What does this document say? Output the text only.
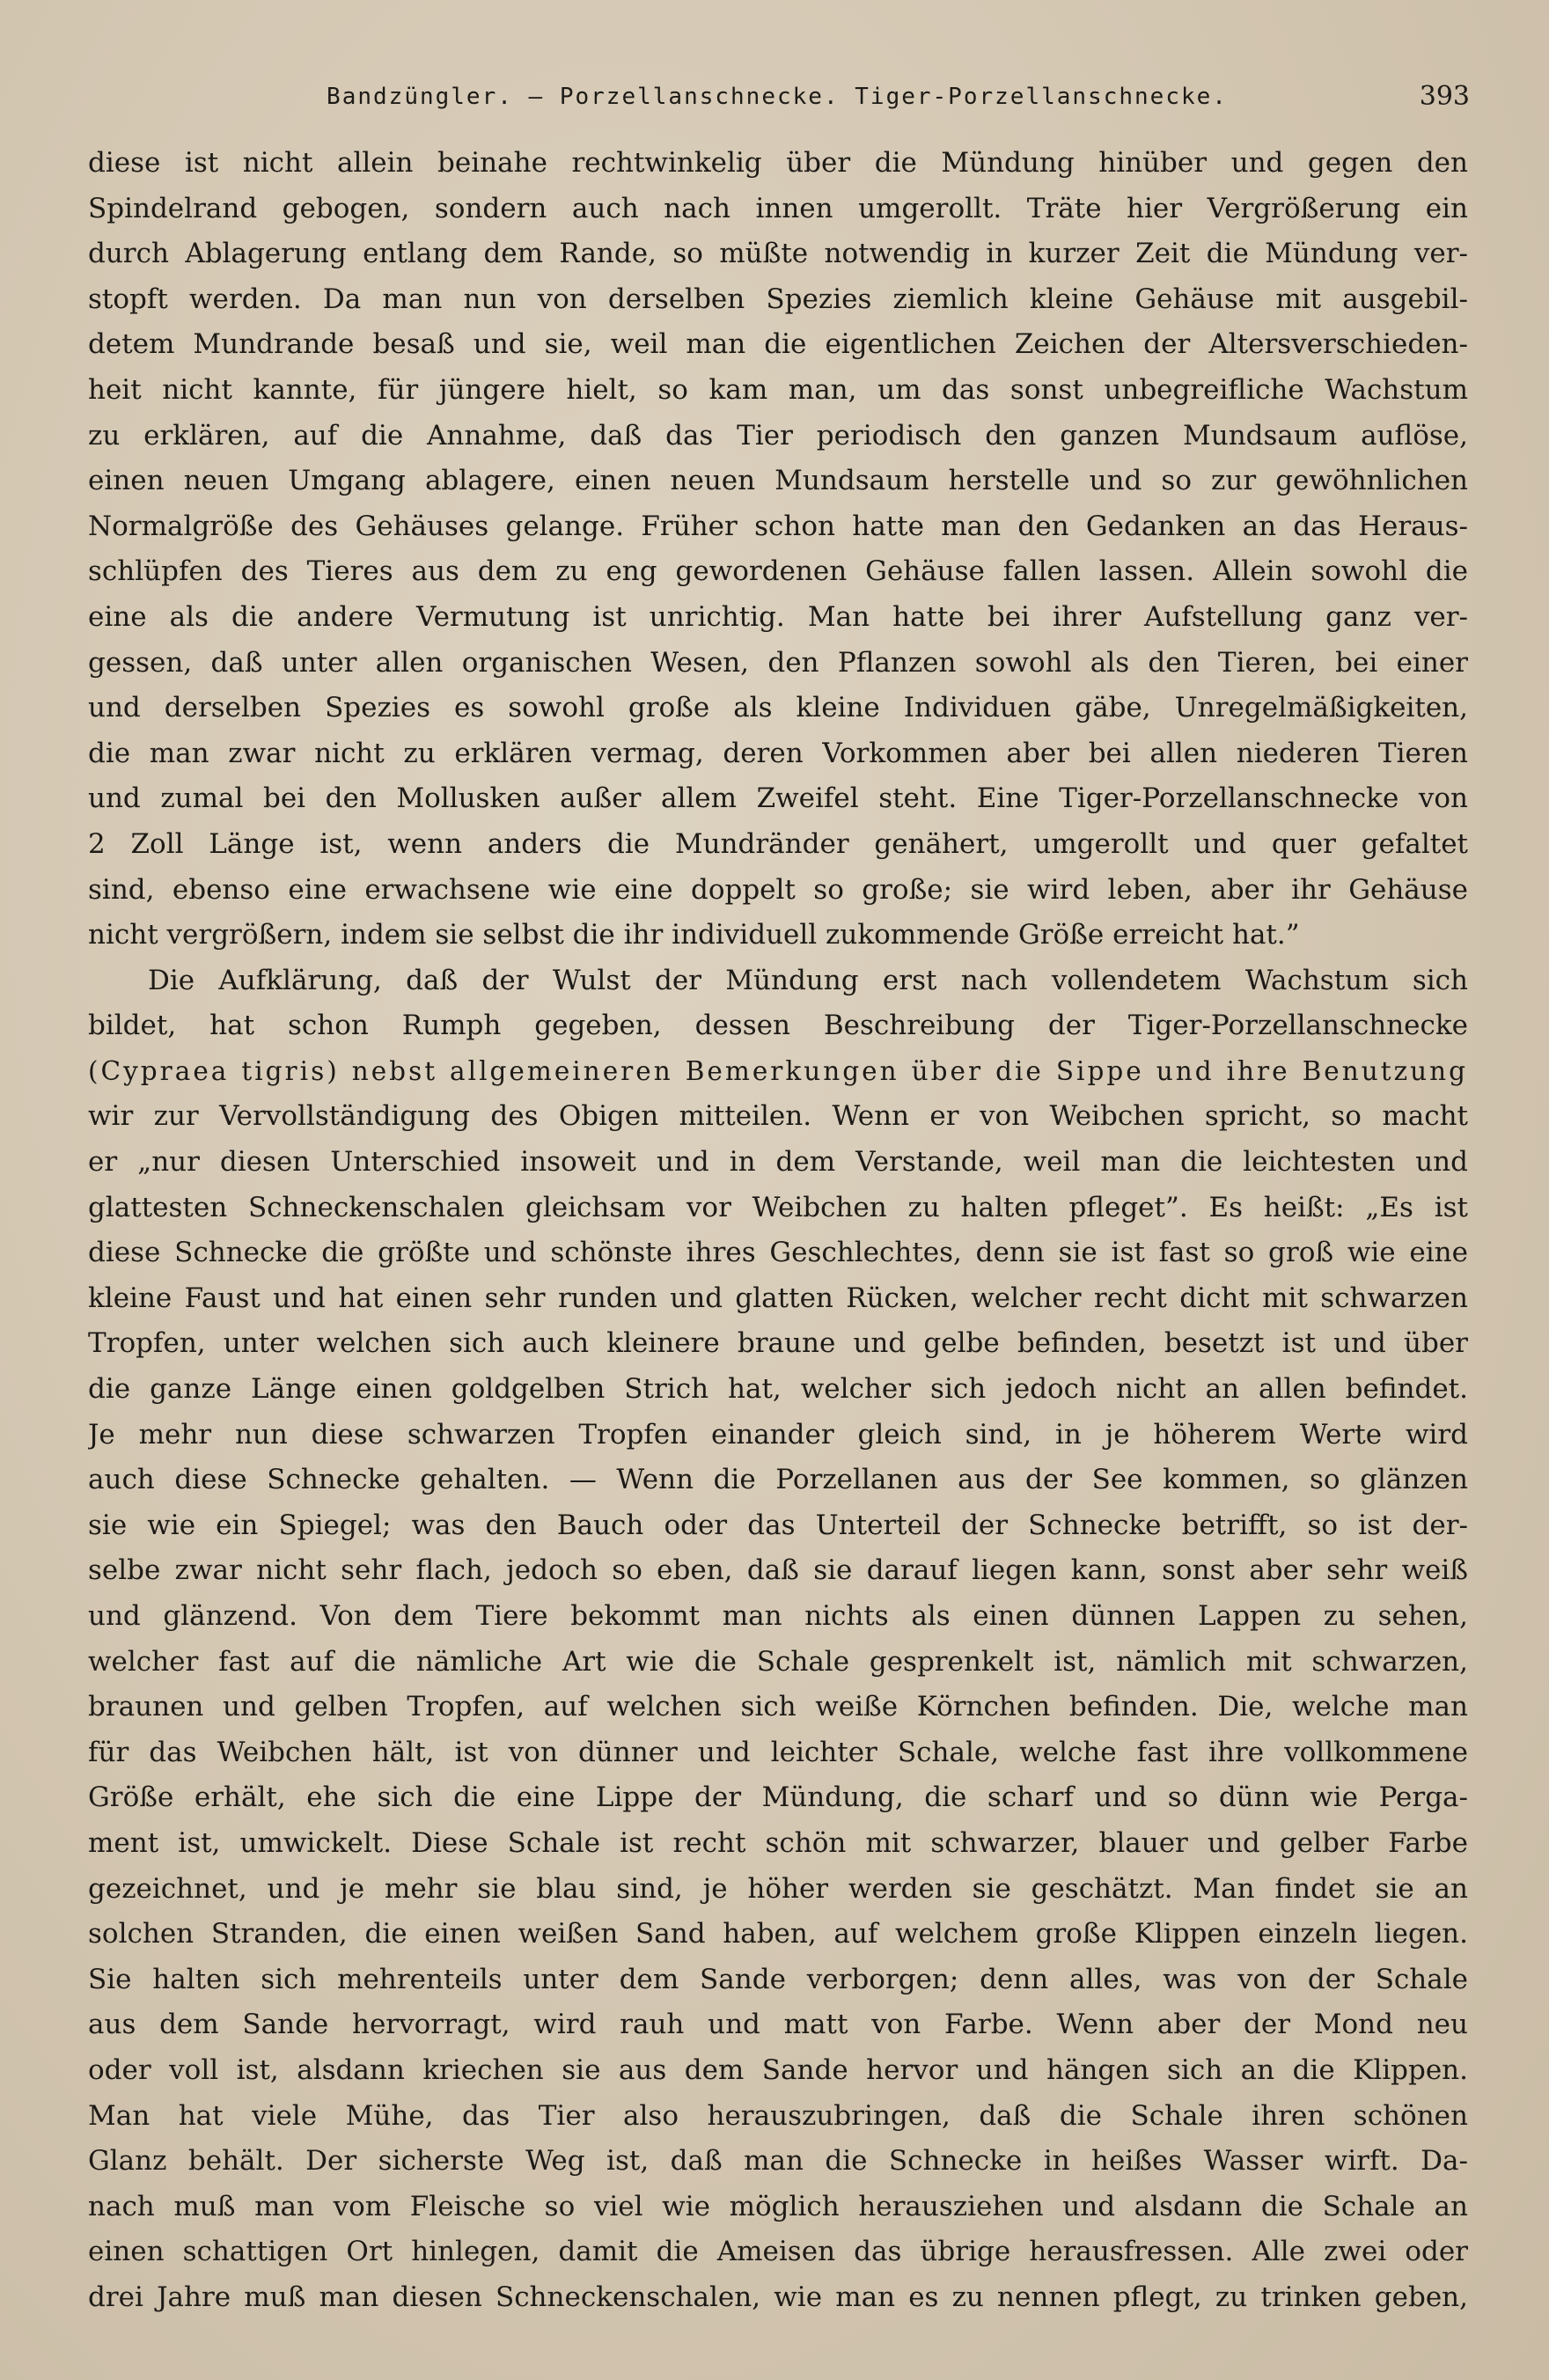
Bandzüngler. — Porzellanschnecke. Tiger-Porzellanschnecke.	393
diese ist nicht allein beinahe rechtwinkelig über die Mündung hinüber und gegen den
Spindelrand gebogen, sondern auch nach innen umgerollt. Träte hier Vergrößerung ein
durch Ablagerung entlang dem Rande, so müßte notwendig in kurzer Zeit die Mündung ver-
stopft werden. Da man nun von derselben Spezies ziemlich kleine Gehäuse mit ausgebil-
detem Mundrande besaß und sie, weil man die eigentlichen Zeichen der Altersverschieden-
heit nicht kannte, für jüngere hielt, so kam man, um das sonst unbegreifliche Wachstum
zu erklären, auf die Annahme, daß das Tier periodisch den ganzen Mundsaum auflöse,
einen neuen Umgang ablagere, einen neuen Mundsaum herstelle und so zur gewöhnlichen
Normalgröße des Gehäuses gelange. Früher schon hatte man den Gedanken an das Heraus-
schlüpfen des Tieres aus dem zu eng gewordenen Gehäuse fallen lassen. Allein sowohl die
eine als die andere Vermutung ist unrichtig. Man hatte bei ihrer Aufstellung ganz ver-
gessen, daß unter allen organischen Wesen, den Pflanzen sowohl als den Tieren, bei einer
und derselben Spezies es sowohl große als kleine Individuen gäbe, Unregelmäßigkeiten,
die man zwar nicht zu erklären vermag, deren Vorkommen aber bei allen niederen Tieren
und zumal bei den Mollusken außer allem Zweifel steht. Eine Tiger-Porzellanschnecke von
2 Zoll Länge ist, wenn anders die Mundränder genähert, umgerollt und quer gefaltet
sind, ebenso eine erwachsene wie eine doppelt so große; sie wird leben, aber ihr Gehäuse
nicht vergrößern, indem sie selbst die ihr individuell zukommende Größe erreicht hat.”
Die Aufklärung, daß der Wulst der Mündung erst nach vollendetem Wachstum sich
bildet, hat schon Rumph gegeben, dessen Beschreibung der Tiger-Porzellanschnecke
(Cypraea tigris) nebst allgemeineren Bemerkungen über die Sippe und ihre Benutzung
wir zur Vervollständigung des Obigen mitteilen. Wenn er von Weibchen spricht, so macht
er „nur diesen Unterschied insoweit und in dem Verstande, weil man die leichtesten und
glattesten Schneckenschalen gleichsam vor Weibchen zu halten pfleget”. Es heißt: „Es ist
diese Schnecke die größte und schönste ihres Geschlechtes, denn sie ist fast so groß wie eine
kleine Faust und hat einen sehr runden und glatten Rücken, welcher recht dicht mit schwarzen
Tropfen, unter welchen sich auch kleinere braune und gelbe befinden, besetzt ist und über
die ganze Länge einen goldgelben Strich hat, welcher sich jedoch nicht an allen befindet.
Je mehr nun diese schwarzen Tropfen einander gleich sind, in je höherem Werte wird
auch diese Schnecke gehalten. — Wenn die Porzellanen aus der See kommen, so glänzen
sie wie ein Spiegel; was den Bauch oder das Unterteil der Schnecke betrifft, so ist der-
selbe zwar nicht sehr flach, jedoch so eben, daß sie darauf liegen kann, sonst aber sehr weiß
und glänzend. Von dem Tiere bekommt man nichts als einen dünnen Lappen zu sehen,
welcher fast auf die nämliche Art wie die Schale gesprenkelt ist, nämlich mit schwarzen,
braunen und gelben Tropfen, auf welchen sich weiße Körnchen befinden. Die, welche man
für das Weibchen hält, ist von dünner und leichter Schale, welche fast ihre vollkommene
Größe erhält, ehe sich die eine Lippe der Mündung, die scharf und so dünn wie Perga-
ment ist, umwickelt. Diese Schale ist recht schön mit schwarzer, blauer und gelber Farbe
gezeichnet, und je mehr sie blau sind, je höher werden sie geschätzt. Man findet sie an
solchen Stranden, die einen weißen Sand haben, auf welchem große Klippen einzeln liegen.
Sie halten sich mehrenteils unter dem Sande verborgen; denn alles, was von der Schale
aus dem Sande hervorragt, wird rauh und matt von Farbe. Wenn aber der Mond neu
oder voll ist, alsdann kriechen sie aus dem Sande hervor und hängen sich an die Klippen.
Man hat viele Mühe, das Tier also herauszubringen, daß die Schale ihren schönen
Glanz behält. Der sicherste Weg ist, daß man die Schnecke in heißes Wasser wirft. Da-
nach muß man vom Fleische so viel wie möglich herausziehen und alsdann die Schale an
einen schattigen Ort hinlegen, damit die Ameisen das übrige herausfressen. Alle zwei oder
drei Jahre muß man diesen Schneckenschalen, wie man es zu nennen pflegt, zu trinken geben,
